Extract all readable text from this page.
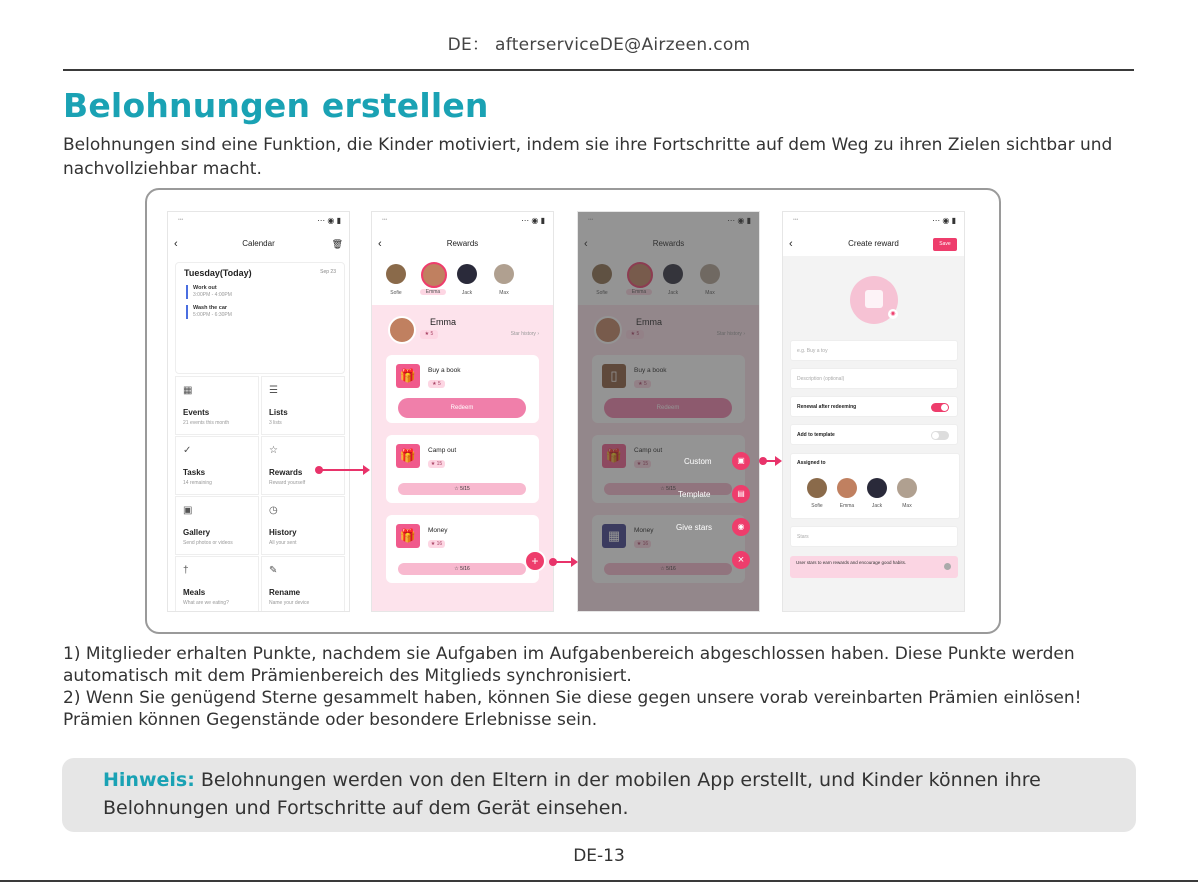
DE： afterserviceDE@Airzeen.com
Belohnungen erstellen
Belohnungen sind eine Funktion, die Kinder motiviert, indem sie ihre Fortschritte auf dem Weg zu ihren Zielen sichtbar und nachvollziehbar macht.
•••	⋯ ◉ ▮
‹	Calendar	🗑
Tuesday(Today)	Sep 23
Work out
3:00PM - 4:00PM
Wash the car
5:00PM - 6:30PM
▦
Events
21 events this month
☰
Lists
3 lists
✓
Tasks
14 remaining
☆
Rewards
Reward yourself
▣
Gallery
Send photos or videos
◷
History
All your sent
†
Meals
What are we eating?
✎
Rename
Name your device
•••	⋯ ◉ ▮
‹	Rewards
Sofie	Emma	Jack	Max
Emma
★ 5	Star history ›
🎁	Buy a book
★ 5
Redeem
🎁	Camp out
★ 15
☆ 5/15
🎁	Money
★ 16
☆ 5/16
+
Custom	▣
Template	▤
Give stars	◉
×
•••	⋯ ◉ ▮
‹	Create reward	Save
◉
e.g. Buy a toy
Description (optional)
Renewal after redeeming
Add to template
Assigned to
Sofie	Emma	Jack	Max
Stars
User stars to earn rewards and encourage good habits.
1) Mitglieder erhalten Punkte, nachdem sie Aufgaben im Aufgabenbereich abgeschlossen haben. Diese Punkte werden automatisch mit dem Prämienbereich des Mitglieds synchronisiert.
2) Wenn Sie genügend Sterne gesammelt haben, können Sie diese gegen unsere vorab vereinbarten Prämien einlösen! Prämien können Gegenstände oder besondere Erlebnisse sein.
Hinweis: Belohnungen werden von den Eltern in der mobilen App erstellt, und Kinder können ihre Belohnungen und Fortschritte auf dem Gerät einsehen.
DE-13
